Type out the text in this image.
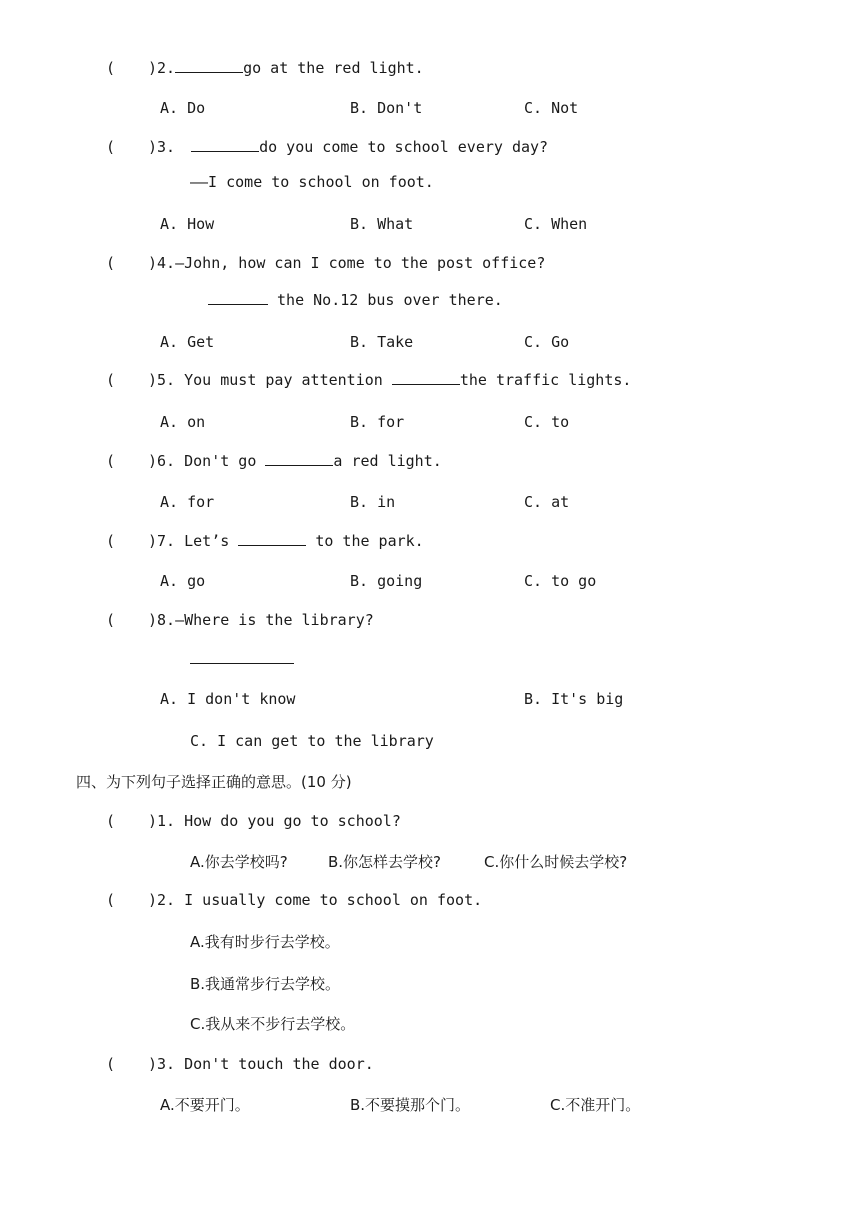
( )2.	go at the red light.
A. Do	B. Don't	C. Not
( )3.	do you come to school every day?
——I come to school on foot.
A. How	B. What	C. When
( )4.—John, how can I come to the post office?
the No.12 bus over there.
A. Get	B. Take	C. Go
( )5. You must pay attention	the traffic lights.
A. on	B. for	C. to
( )6. Don't go	a red light.
A. for	B. in	C. at
( )7. Let’s	to the park.
A. go	B. going	C. to go
( )8.—Where is the library?
A. I don't know	B. It's big
C. I can get to the library
四、为下列句子选择正确的意思。(10 分)
( )1. How do you go to school?
A.你去学校吗?	B.你怎样去学校?	C.你什么时候去学校?
( )2. I usually come to school on foot.
A.我有时步行去学校。
B.我通常步行去学校。
C.我从来不步行去学校。
( )3. Don't touch the door.
A.不要开门。	B.不要摸那个门。	C.不准开门。
